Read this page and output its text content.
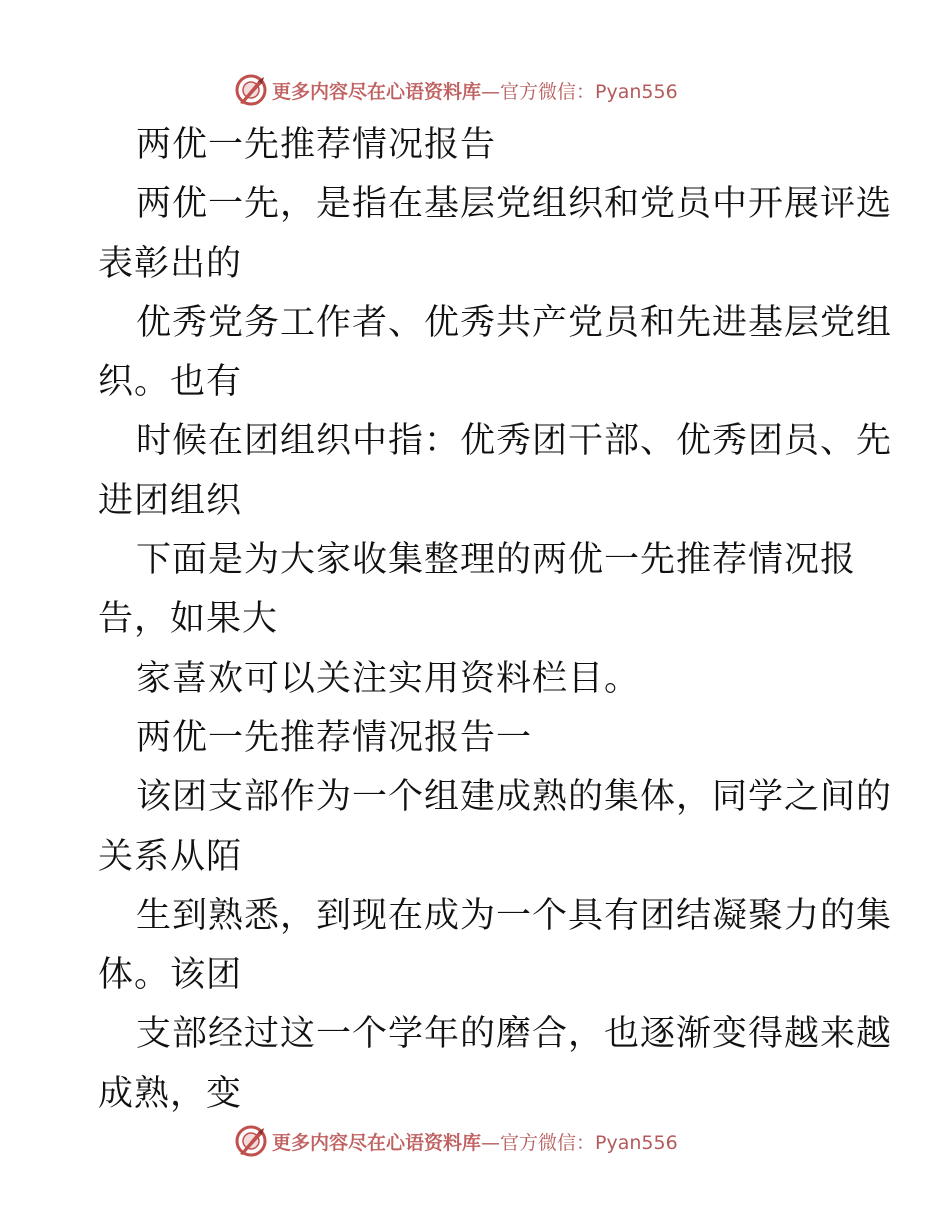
更多内容尽在心语资料库—官方微信：Pyan556
两优一先推荐情况报告
两优一先，是指在基层党组织和党员中开展评选
表彰出的
优秀党务工作者、优秀共产党员和先进基层党组
织。也有
时候在团组织中指：优秀团干部、优秀团员、先
进团组织
下面是为大家收集整理的两优一先推荐情况报
告，如果大
家喜欢可以关注实用资料栏目。
两优一先推荐情况报告一
该团支部作为一个组建成熟的集体，同学之间的
关系从陌
生到熟悉，到现在成为一个具有团结凝聚力的集
体。该团
支部经过这一个学年的磨合，也逐渐变得越来越
成熟，变
更多内容尽在心语资料库—官方微信：Pyan556
